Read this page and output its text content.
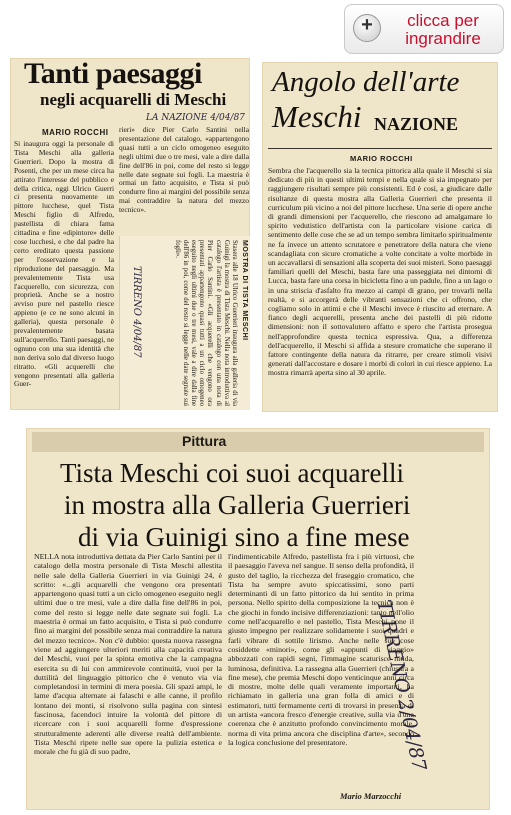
+
clicca per
ingrandire
Tanti paesaggi
negli acquarelli di Meschi
LA NAZIONE 4/04/87
MARIO ROCCHI

Si inaugura oggi la personale di Tista Meschi alla galleria Guerrieri. Dopo la mostra di Posenti, che per un mese circa ha attirato l'interesse del pubblico e della critica, oggi Ulrico Guerri ci presenta nuovamente un pittore lucchese, quel Tista Meschi figlio di Alfredo, pastellista di chiara fama cittadina e fine «dipintore» delle cose lucchesi, e che dal padre ha certo ereditato questa passione per l'osservazione e la riproduzione del paesaggio. Ma prevalentemente Tista usa l'acquerello, con sicurezza, con proprietà. Anche se a nostro avviso pure nel pastello riesce appieno (e ce ne sono alcuni in galleria), questa personale è prevalentemente basata sull'acquerello. Tanti paesaggi, ne ognuno con una sua identità che non deriva solo dal diverso luogo ritratto. «Gli acquerelli che vengono presentati alla galleria Guer-

rieri» dice Pier Carlo Santini nella presentazione del catalogo, «appartengono quasi tutti a un ciclo omogeneo eseguito negli ultimi due o tre mesi, vale a dire dalla fine dell'86 in poi, come del resto si legge nelle date segnate sui fogli. La maestria è ormai un fatto acquisito, e Tista si può condurre fino ai margini del possibile senza mai contraddire la natura del mezzo tecnico».

MOSTRA DI TISTA MESCHI

Stasera alle 18 Ulrico Guerrieri inaugura alla galleria di via Guinigi la mostra di Tista Meschi. Nella nota introduttiva al catalogo l'artista è presentato in catalogo con una nota di Pier Carlo Santini. «Gli acquerelli che vengono ora presentati appartengono quasi tutti a un ciclo omogeneo eseguito negli ultimi due o tre mesi, vale a dire dalla fine dell'86 in poi, come del resto si legge nelle date segnate sui fogli».

TIRRENO 4/04/87
Angolo dell'arte
Meschi NAZIONE
MARIO ROCCHI

Sembra che l'acquerello sia la tecnica pittorica alla quale il Meschi si sia dedicato di più in questi ultimi tempi e nella quale si sia impegnato per raggiungere risultati sempre più consistenti. Ed è così, a giudicare dalle risultanze di questa mostra alla Galleria Guerrieri che presenta il curriculum più vicino a noi del pittore lucchese. Una serie di opere anche di grandi dimensioni per l'acquerello, che riescono ad amalgamare lo spirito vedutistico dell'artista con la particolare visione carica di sentimento delle cose che se ad un tempo sembra limitarlo spiritualmente ne fa invece un attento scrutatore e penetratore della natura che viene scandagliata con sicure cromatiche a volte concitate a volte morbide in un accavallarsi di sensazioni alla scoperta dei suoi misteri. Sono paesaggi familiari quelli del Meschi, basta fare una passeggiata nei dintorni di Lucca, basta fare una corsa in bicicletta fino a un padule, fino a un lago o in una striscia d'asfalto fra mezzo ai campi di grano, per trovarli nella realtà, e si accorgerà delle vibranti sensazioni che ci offrono, che cogliamo solo in attimi e che il Meschi invece è riuscito ad eternare. A fianco degli acquerelli, presenta anche dei pastelli di più ridotte dimensioni: non il sottovalutero affatto e spero che l'artista prosegua nell'approfondire questa tecnica espressiva. Qua, a differenza dell'acquerello, il Meschi si affida a stesure cromatiche che superano il fattore contingente della natura da ritrarre, per creare stimoli visivi generati dall'accostare e dosare i morbi di colori in cui riesce appieno. La mostra rimarrà aperta sino al 30 aprile.

Pittura
Tista Meschi coi suoi acquarelli
in mostra alla Galleria Guerrieri
di via Guinigi sino a fine mese
TIRRENO 2/04/87

NELLA nota introduttiva dettata da Pier Carlo Santini per il catalogo della mostra personale di Tista Meschi allestita nelle sale della Galleria Guerrieri in via Guinigi 24, è scritto: «...gli acquarelli che vengono ora presentati appartengono quasi tutti a un ciclo omogeneo eseguito negli ultimi due o tre mesi, vale a dire dalla fine dell'86 in poi, come del resto si legge nelle date segnate sui fogli. La maestria è ormai un fatto acquisito, e Tista si può condurre fino ai margini del possibile senza mai contraddire la natura del mezzo tecnico». Non c'è dubbio: questa nuova rassegna viene ad aggiungere ulteriori meriti alla capacità creativa del Meschi, vuoi per la spinta emotiva che la campagna esercita su di lui con ammirevole continuità, vuoi per la duttilità del linguaggio pittorico che è venuto via via completandosi in termini di mera poesia. Gli spazi ampi, le lame d'acqua alternate ai falaschi e alle canne, il profilo lontano dei monti, si risolvono sulla pagina con sintesi fascinosa, facendoci intuire la volontà del pittore di ricercare con i suoi acquarelli forme d'espressione strutturalmente aderenti alle diverse realtà dell'ambiente. Tista Meschi ripete nelle sue opere la pulizia estetica e morale che fu già di suo padre,

l'indimenticabile Alfredo, pastellista fra i più virtuosi, che il paesaggio l'aveva nel sangue. Il senso della profondità, il gusto del taglio, la ricchezza del fraseggio cromatico, che Tista ha sempre avuto spiccatissimi, sono parti determinanti di un fatto pittorico da lui sentito in prima persona. Nello spirito della composizione la tecnica non è che giochi in fondo incisive differenziazioni: tanto nell'olio come nell'acquarello e nel pastello, Tista Meschi pone il giusto impegno per realizzare solidamente i suoi quadri e farli vibrare di sottile lirismo. Anche nelle sue cose cosiddette «minori», come gli «appunti di viaggio» abbozzati con rapidi segni, l'immagine scaturisce nitida, luminosa, definitiva. La rassegna alla Guerrieri (chiusura a fine mese), che premia Meschi dopo venticinque anni circa di mostre, molte delle quali veramente importanti, ha richiamato in galleria una gran folla di amici e di estimatori, tutti fermamente certi di trovarsi in presenza di un artista «ancora fresco d'energie creative, sulla via d'una coerenza che è anzitutto profondo convincimento morale, norma di vita prima ancora che disciplina d'arte», secondo la logica conclusione del presentatore.

Mario Marzocchi
